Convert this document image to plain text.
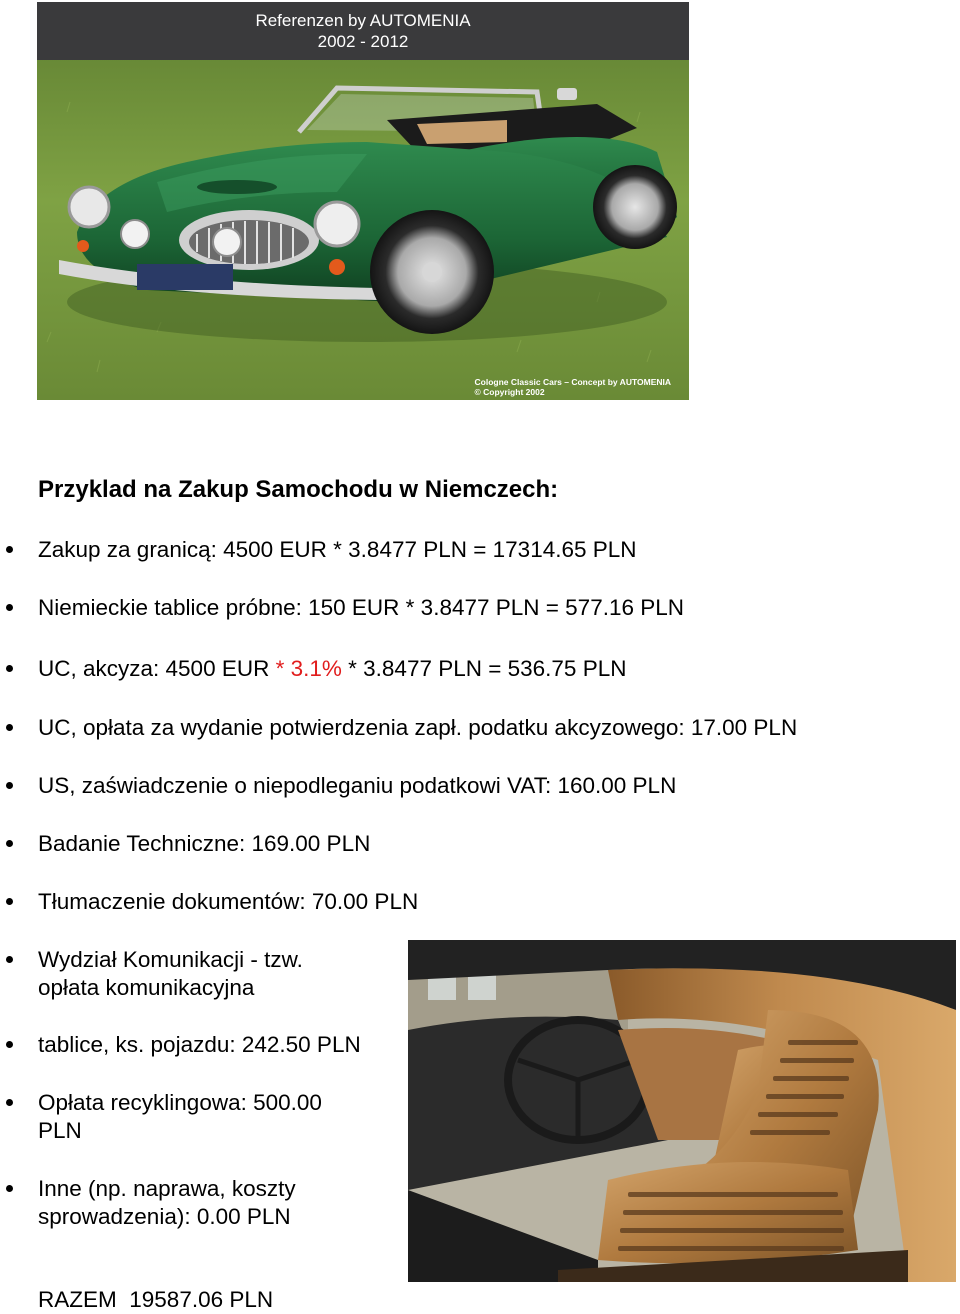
Referenzen by AUTOMENIA
2002 - 2012
Cologne Classic Cars – Concept by AUTOMENIA
© Copyright 2002
Przyklad na Zakup Samochodu w Niemczech:
Zakup za granicą: 4500 EUR * 3.8477 PLN = 17314.65 PLN
Niemieckie tablice próbne: 150 EUR * 3.8477 PLN = 577.16 PLN
UC, akcyza: 4500 EUR * 3.1% * 3.8477 PLN = 536.75 PLN
UC, opłata za wydanie potwierdzenia zapł. podatku akcyzowego: 17.00 PLN
US, zaświadczenie o niepodleganiu podatkowi VAT: 160.00 PLN
Badanie Techniczne: 169.00 PLN
Tłumaczenie dokumentów: 70.00 PLN
Wydział Komunikacji - tzw.
opłata komunikacyjna
tablice, ks. pojazdu: 242.50 PLN
Opłata recyklingowa: 500.00
PLN
Inne (np. naprawa, koszty
sprowadzenia): 0.00 PLN
RAZEM 19587.06 PLN
